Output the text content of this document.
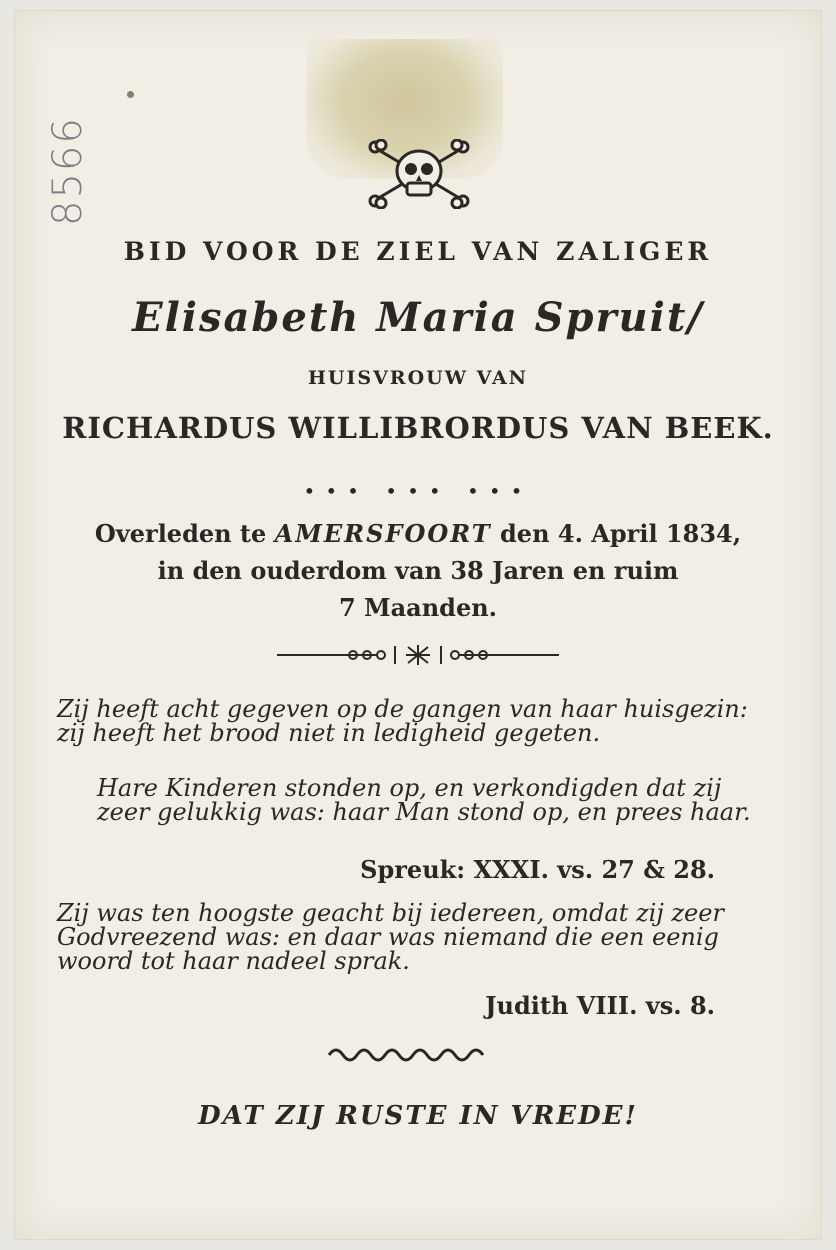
8566
BID VOOR DE ZIEL VAN ZALIGER
Elisabeth Maria Spruit/
HUISVROUW VAN
RICHARDUS WILLIBRORDUS VAN BEEK.
••• ••• •••
Overleden te AMERSFOORT den 4. April 1834,
in den ouderdom van 38 Jaren en ruim
7 Maanden.
Zij heeft acht gegeven op de gangen van haar huisgezin: zij heeft het brood niet in ledigheid gegeten.
Hare Kinderen stonden op, en verkondigden dat zij zeer gelukkig was: haar Man stond op, en prees haar.
Spreuk: XXXI. vs. 27 & 28.
Zij was ten hoogste geacht bij iedereen, omdat zij zeer Godvreezend was: en daar was niemand die een eenig woord tot haar nadeel sprak.
Judith VIII. vs. 8.
DAT ZIJ RUSTE IN VREDE!
